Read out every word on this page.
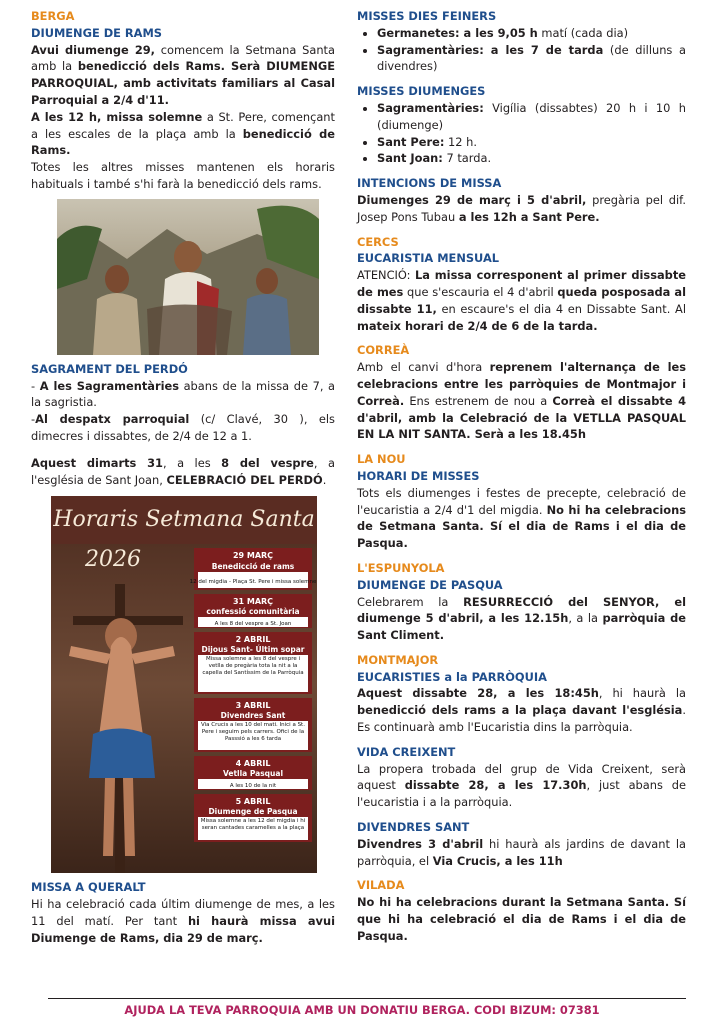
BERGA
DIUMENGE DE RAMS

Avui diumenge 29, comencem la Setmana Santa amb la benedicció dels Rams. Serà DIUMENGE PARROQUIAL, amb activitats familiars al Casal Parroquial a 2/4 d'11.

A les 12 h, missa solemne a St. Pere, començant a les escales de la plaça amb la benedicció de Rams.

Totes les altres misses mantenen els horaris habituals i també s'hi farà la benedicció dels rams.

SAGRAMENT DEL PERDÓ

- A les Sagramentàries abans de la missa de 7, a la sagristia.

-Al despatx parroquial (c/ Clavé, 30 ), els dimecres i dissabtes, de 2/4 de 12 a 1.

Aquest dimarts 31, a les 8 del vespre, a l'església de Sant Joan, CELEBRACIÓ DEL PERDÓ.

Horaris Setmana Santa
2026	29 MARÇ
Benedicció de rams
12 del migdia - Plaça St. Pere i missa solemne
31 MARÇ
confessió comunitària
A les 8 del vespre a St. Joan
2 ABRIL
Dijous Sant- Últim sopar
Missa solemne a les 8 del vespre i vetlla de pregària tota la nit a la capella del Santíssim de la Parròquia
3 ABRIL
Divendres Sant
Via Crucis a les 10 del matí. Inici a St. Pere i seguim pels carrers. Ofici de la Passsió a les 6 tarda
4 ABRIL
Vetlla Pasqual
A les 10 de la nit
5 ABRIL
Diumenge de Pasqua
Missa solemne a les 12 del migdia i hi seran cantades caramelles a la plaça
MISSA A QUERALT

Hi ha celebració cada últim diumenge de mes, a les 11 del matí. Per tant hi haurà missa avui Diumenge de Rams, dia 29 de març.

MISSES DIES FEINERS
• Germanetes: a les 9,05 h matí (cada dia)
• Sagramentàries: a les 7 de tarda (de dilluns a divendres)
MISSES DIUMENGES
• Sagramentàries: Vigília (dissabtes) 20 h i 10 h (diumenge)
• Sant Pere: 12 h.
• Sant Joan: 7 tarda.
INTENCIONS DE MISSA

Diumenges 29 de març i 5 d'abril, pregària pel dif. Josep Pons Tubau a les 12h a Sant Pere.

CERCS
EUCARISTIA MENSUAL

ATENCIÓ: La missa corresponent al primer dissabte de mes que s'escauria el 4 d'abril queda posposada al dissabte 11, en escaure's el dia 4 en Dissabte Sant. Al mateix horari de 2/4 de 6 de la tarda.

CORREÀ

Amb el canvi d'hora reprenem l'alternança de les celebracions entre les parròquies de Montmajor i Correà. Ens estrenem de nou a Correà el dissabte 4 d'abril, amb la Celebració de la VETLLA PASQUAL EN LA NIT SANTA. Serà a les 18.45h

LA NOU
HORARI DE MISSES

Tots els diumenges i festes de precepte, celebració de l'eucaristia a 2/4 d'1 del migdia. No hi ha celebracions de Setmana Santa. Sí el dia de Rams i el dia de Pasqua.

L'ESPUNYOLA
DIUMENGE DE PASQUA

Celebrarem la RESURRECCIÓ del SENYOR, el diumenge 5 d'abril, a les 12.15h, a la parròquia de Sant Climent.

MONTMAJOR
EUCARISTIES a la PARRÒQUIA

Aquest dissabte 28, a les 18:45h, hi haurà la benedicció dels rams a la plaça davant l'església. Es continuarà amb l'Eucaristia dins la parròquia.

VIDA CREIXENT

La propera trobada del grup de Vida Creixent, serà aquest dissabte 28, a les 17.30h, just abans de l'eucaristia i a la parròquia.

DIVENDRES SANT

Divendres 3 d'abril hi haurà als jardins de davant la parròquia, el Via Crucis, a les 11h

VILADA

No hi ha celebracions durant la Setmana Santa. Sí que hi ha celebració el dia de Rams i el dia de Pasqua.

AJUDA LA TEVA PARROQUIA AMB UN DONATIU BERGA. CODI BIZUM: 07381
